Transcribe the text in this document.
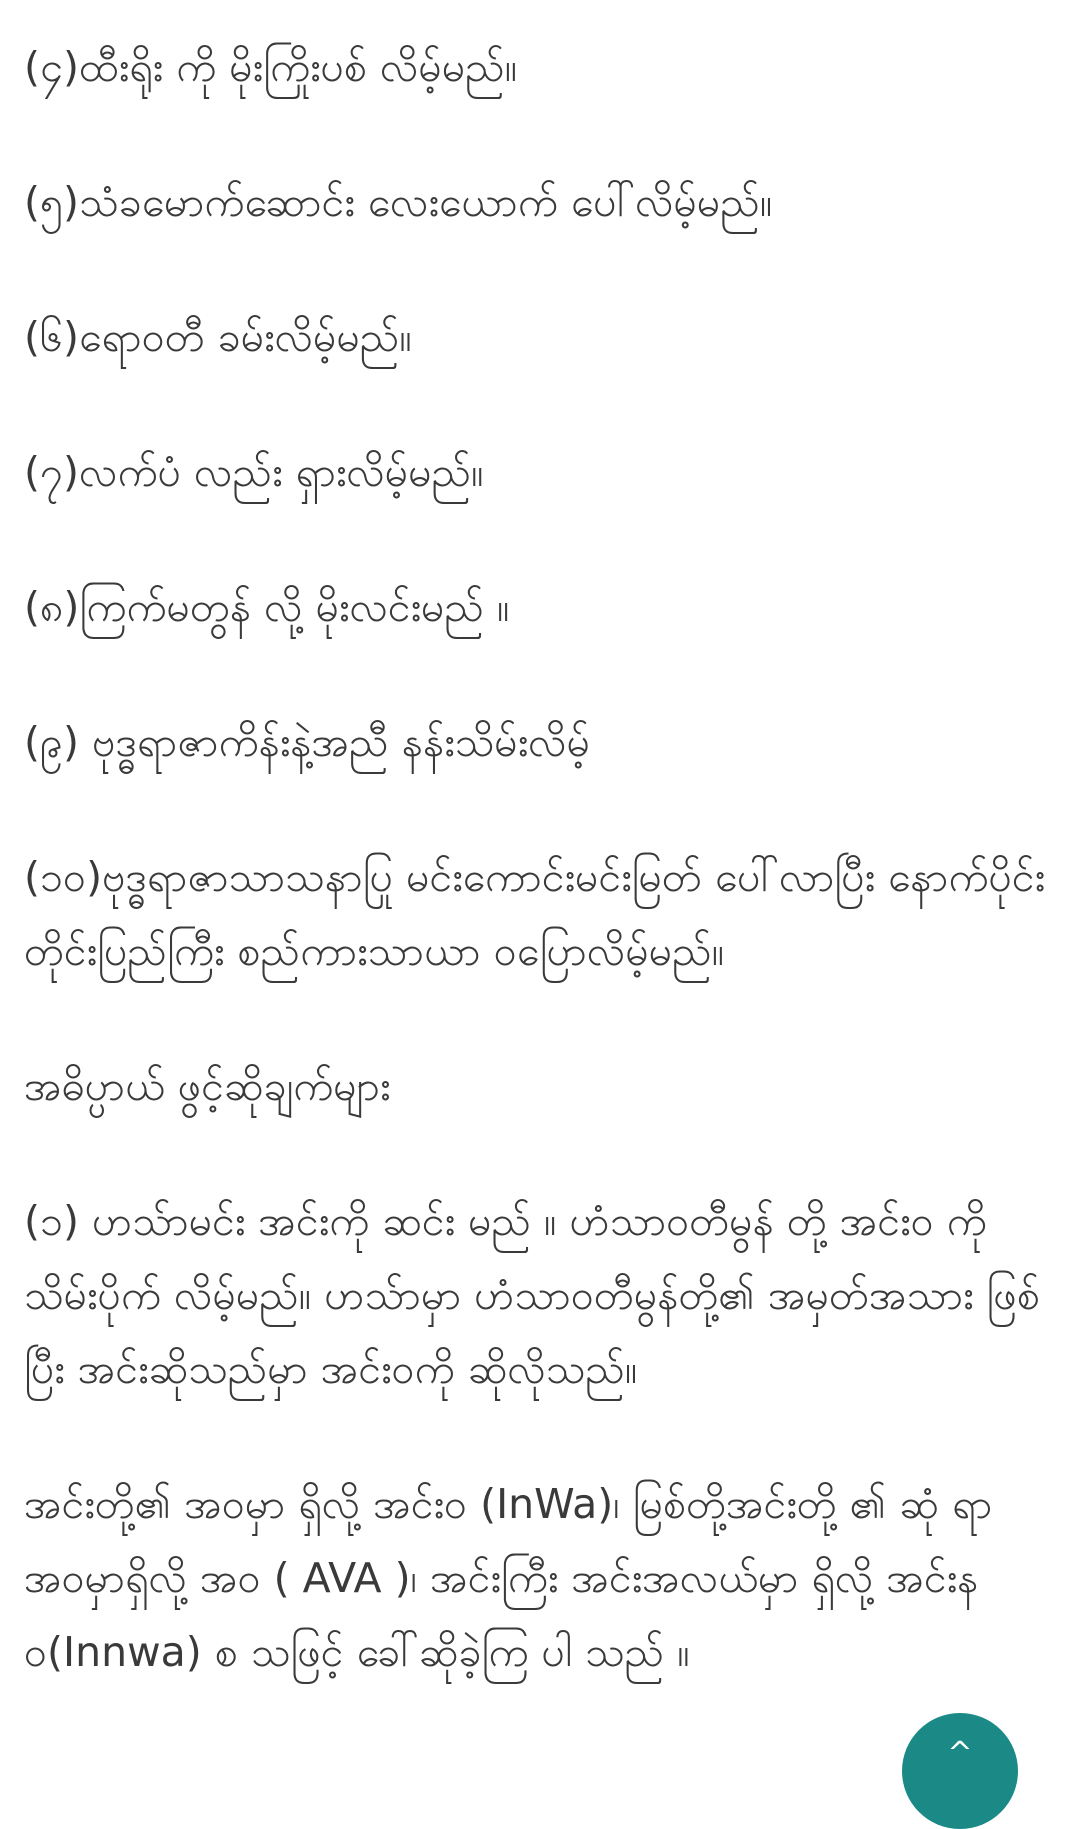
(၄)ထီးရိုး ကို မိုးကြိုးပစ် လိမ့်မည်။

(၅)သံခမောက်ဆောင်း လေးယောက် ပေါ်လိမ့်မည်။

(၆)ရောဝတီ ခမ်းလိမ့်မည်။

(၇)လက်ပံ လည်း ရှားလိမ့်မည်။

(၈)ကြက်မတွန် လို့ မိုးလင်းမည် ။

(၉) ဗုဒ္ဓရာဇာကိန်းနဲ့အညီ နန်းသိမ်းလိမ့်

(၁၀)ဗုဒ္ဓရာဇာသာသနာပြု မင်းကောင်းမင်းမြတ် ပေါ်လာပြီး နောက်ပိုင်း တိုင်းပြည်ကြီး စည်ကားသာယာ ဝပြောလိမ့်မည်။

အဓိပ္ပာယ် ဖွင့်ဆိုချက်များ

(၁) ဟသ်ာမင်း အင်းကို ဆင်း မည် ။ ဟံသာဝတီမွန် တို့ အင်းဝ ကို သိမ်းပိုက် လိမ့်မည်။ ဟသ်ာမှာ ဟံသာဝတီမွန်တို့၏ အမှတ်အသား ဖြစ်ပြီး အင်းဆိုသည်မှာ အင်းဝကို ဆိုလိုသည်။

အင်းတို့၏ အဝမှာ ရှိလို့ အင်းဝ (InWa)၊ မြစ်တို့အင်းတို့ ၏ ဆုံ ရာ အဝမှာရှိလို့ အဝ ( AVA )၊ အင်းကြီး အင်းအလယ်မှာ ရှိလို့ အင်းနဝ(Innwa) စ သဖြင့် ခေါ်ဆိုခဲ့ကြ ပါ သည် ။

^
